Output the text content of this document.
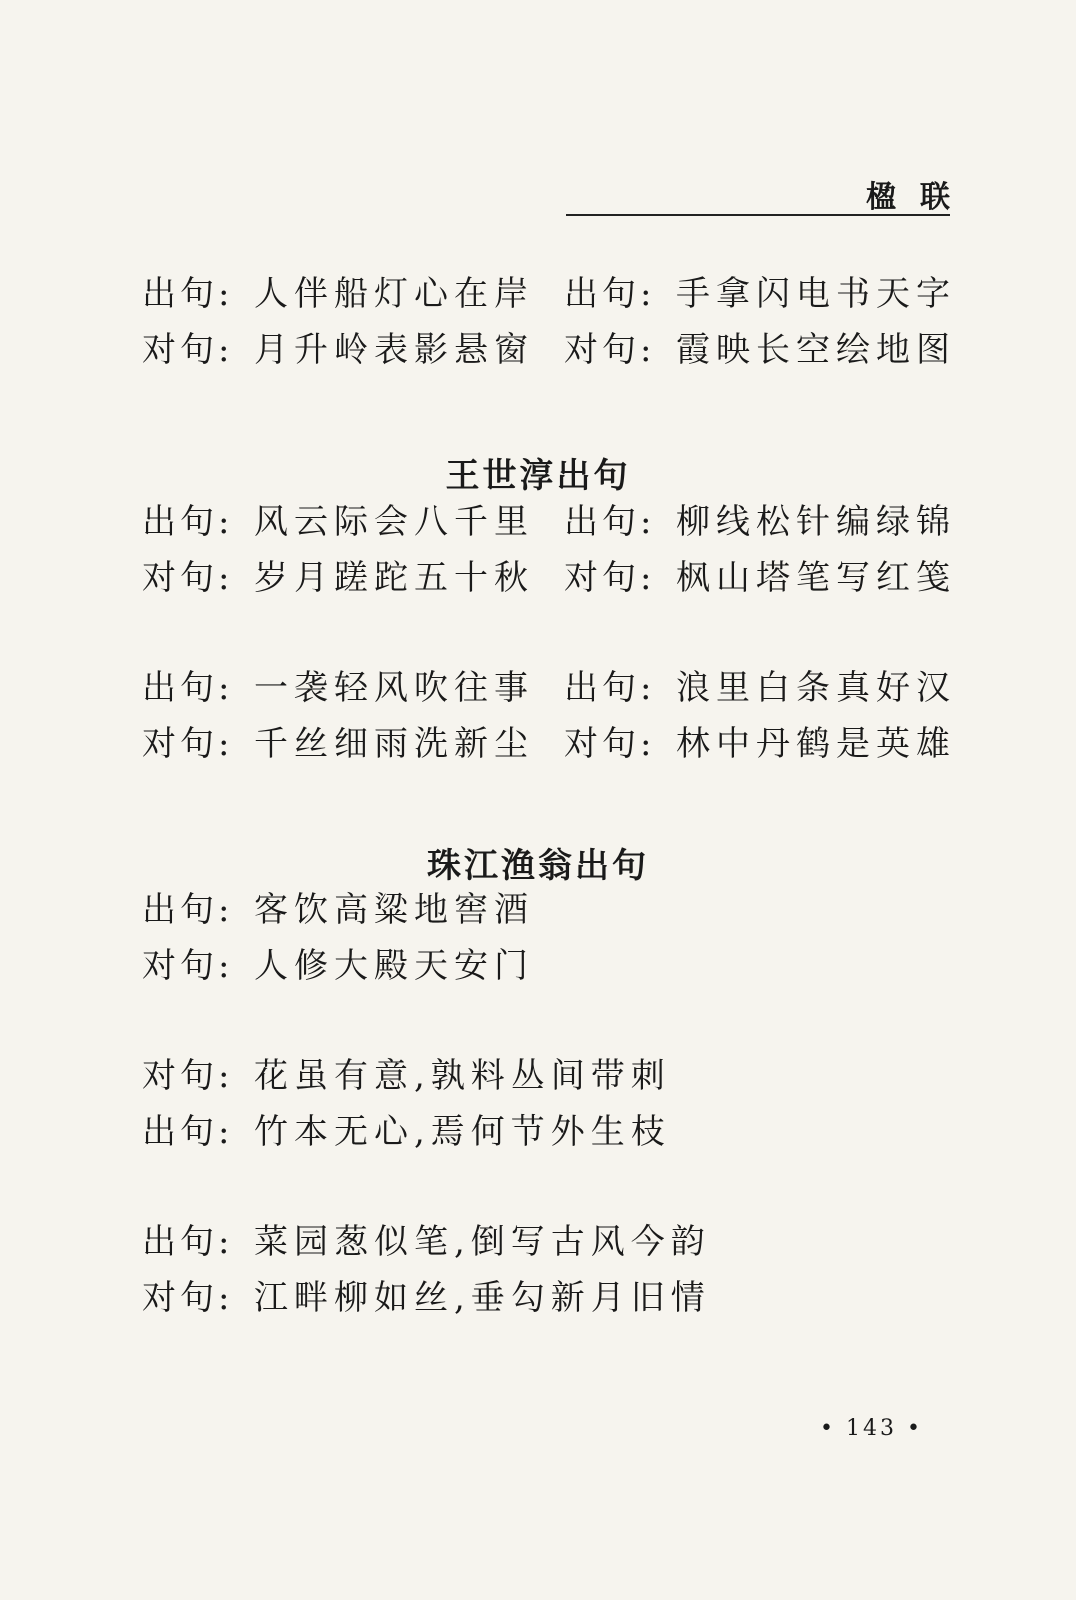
楹联
出句: 人伴船灯心在岸 出句: 手拿闪电书天字
对句: 月升岭表影悬窗 对句: 霞映长空绘地图
王世淳出句
出句: 风云际会八千里 出句: 柳线松针编绿锦
对句: 岁月蹉跎五十秋 对句: 枫山塔笔写红笺
出句: 一袭轻风吹往事 出句: 浪里白条真好汉
对句: 千丝细雨洗新尘 对句: 林中丹鹤是英雄
珠江渔翁出句
出句: 客饮高粱地窖酒
对句: 人修大殿天安门
对句: 花虽有意,孰料丛间带刺
出句: 竹本无心,焉何节外生枝
出句: 菜园葱似笔,倒写古风今韵
对句: 江畔柳如丝,垂勾新月旧情
• 143 •
